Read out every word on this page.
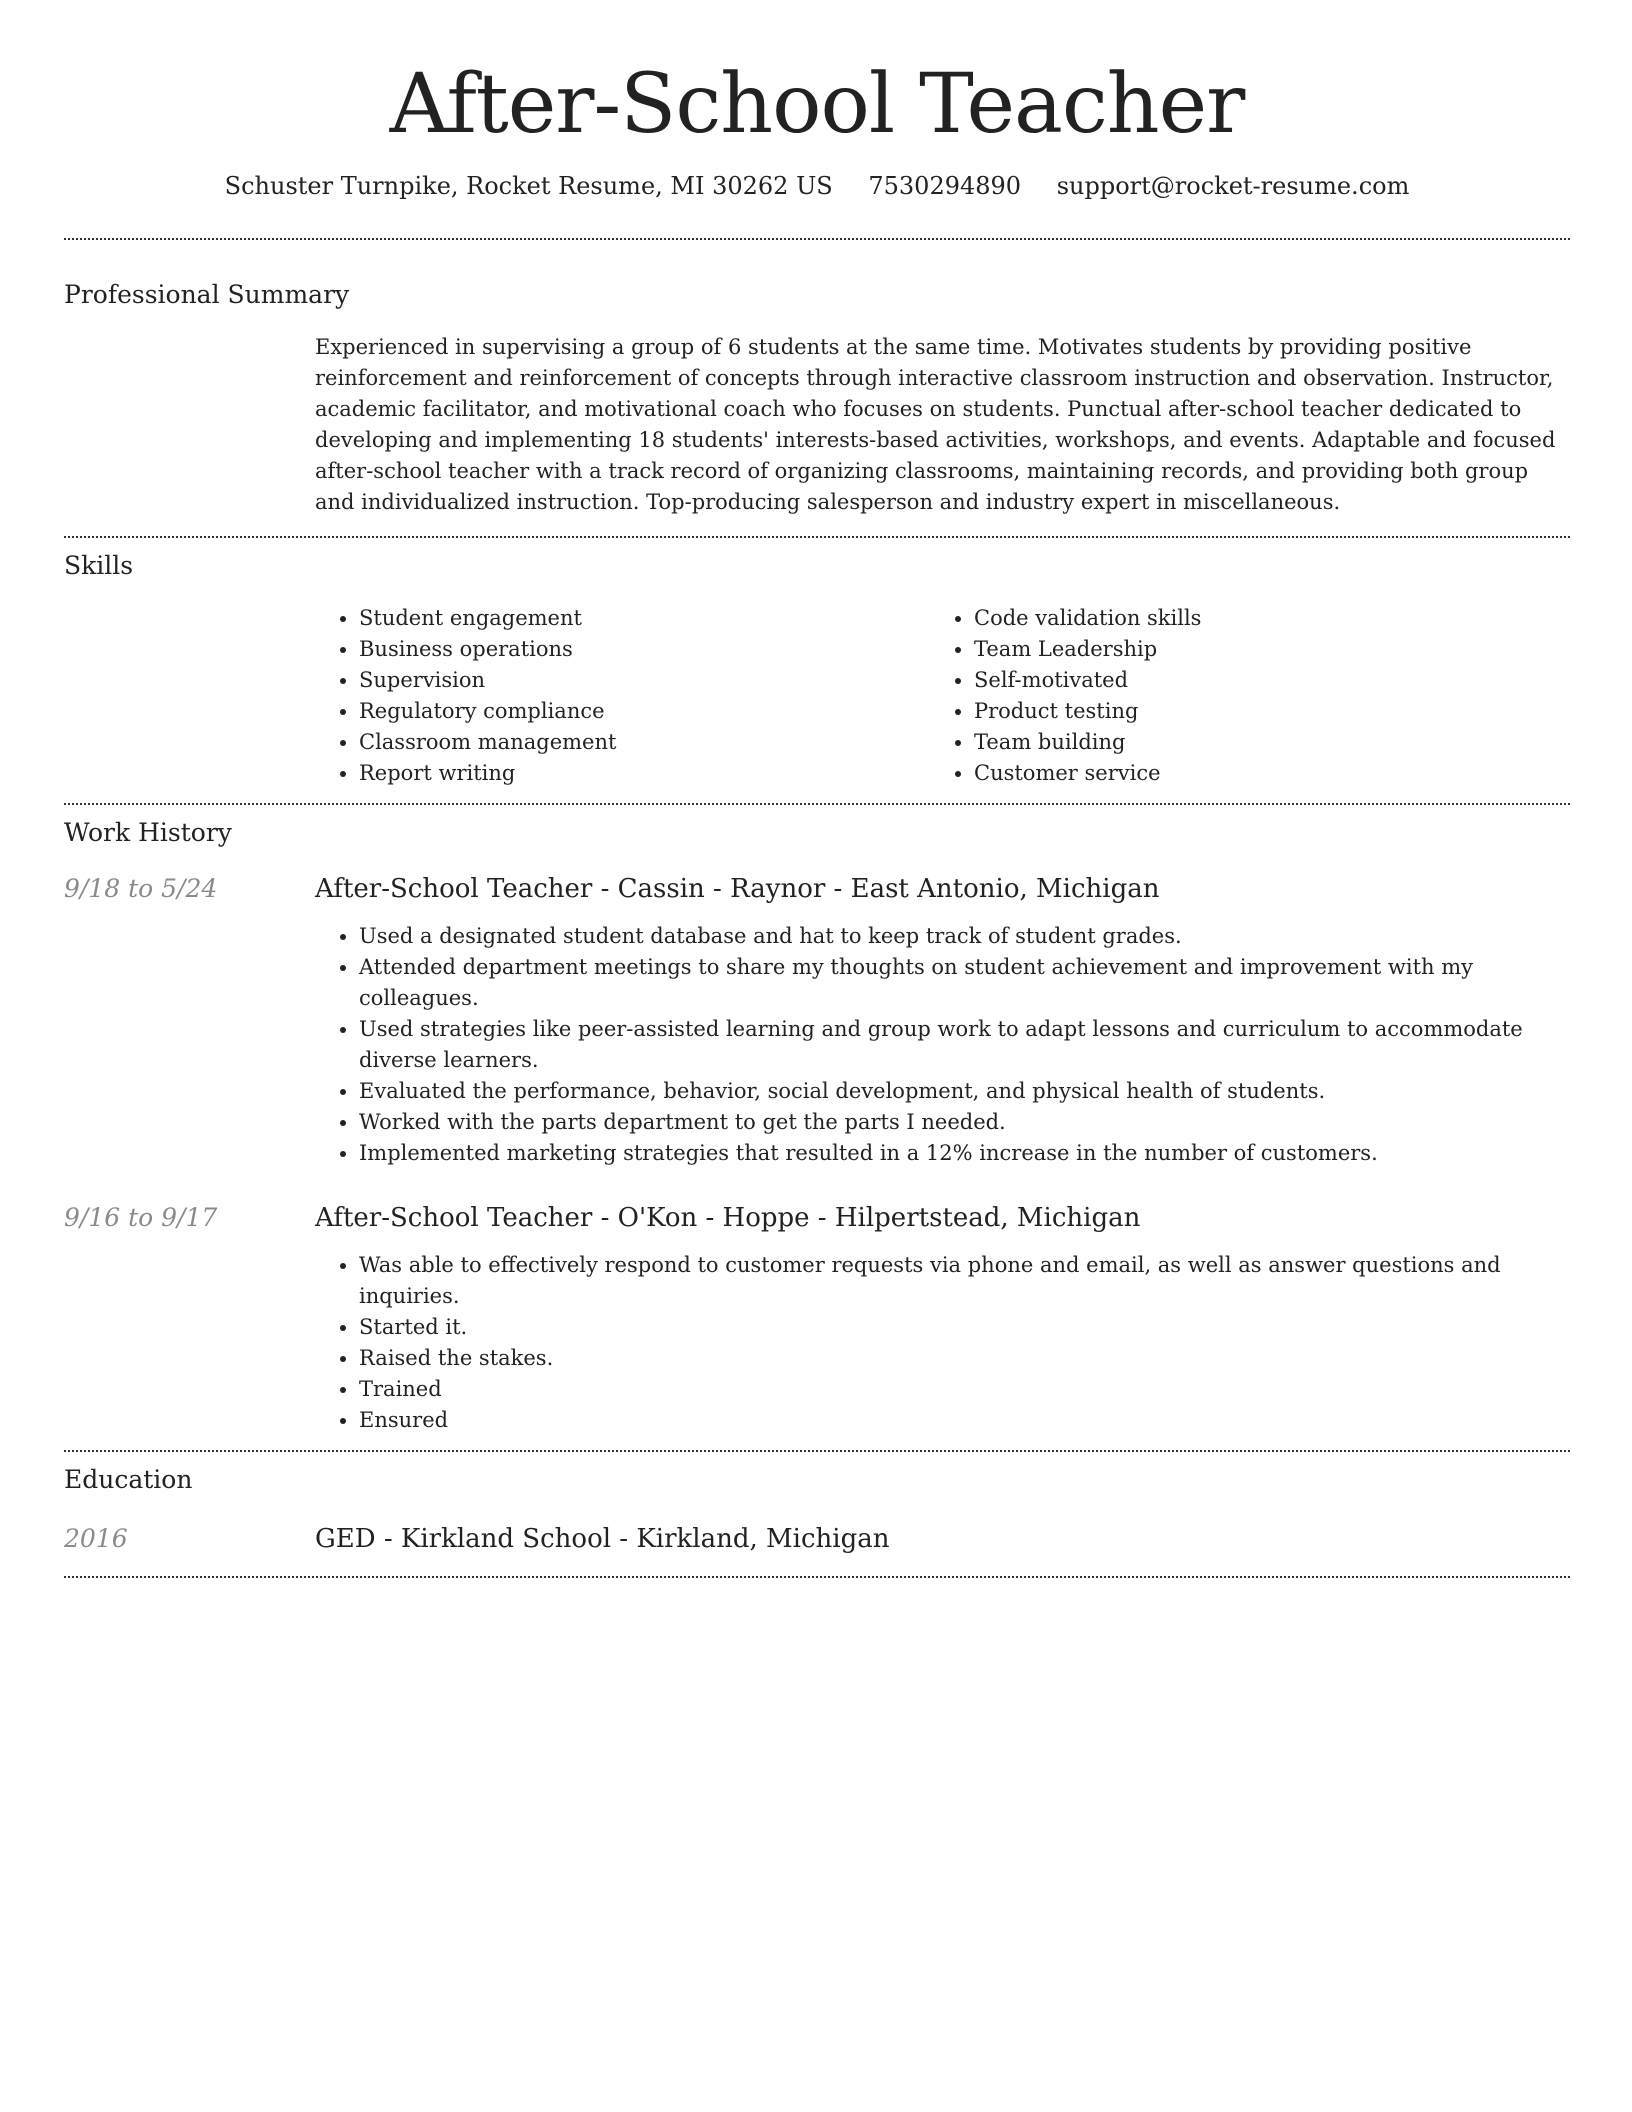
After-School Teacher
Schuster Turnpike, Rocket Resume, MI 30262 US 7530294890 support@rocket-resume.com
Professional Summary

Experienced in supervising a group of 6 students at the same time. Motivates students by providing positive reinforcement and reinforcement of concepts through interactive classroom instruction and observation. Instructor, academic facilitator, and motivational coach who focuses on students. Punctual after-school teacher dedicated to developing and implementing 18 students' interests-based activities, workshops, and events. Adaptable and focused after-school teacher with a track record of organizing classrooms, maintaining records, and providing both group and individualized instruction. Top-producing salesperson and industry expert in miscellaneous.

Skills
• Student engagement
• Business operations
• Supervision
• Regulatory compliance
• Classroom management
• Report writing
• Code validation skills
• Team Leadership
• Self-motivated
• Product testing
• Team building
• Customer service
Work History
9/18 to 5/24	After-School Teacher - Cassin - Raynor - East Antonio, Michigan
• Used a designated student database and hat to keep track of student grades.
• Attended department meetings to share my thoughts on student achievement and improvement with my colleagues.
• Used strategies like peer-assisted learning and group work to adapt lessons and curriculum to accommodate diverse learners.
• Evaluated the performance, behavior, social development, and physical health of students.
• Worked with the parts department to get the parts I needed.
• Implemented marketing strategies that resulted in a 12% increase in the number of customers.
9/16 to 9/17	After-School Teacher - O'Kon - Hoppe - Hilpertstead, Michigan
• Was able to effectively respond to customer requests via phone and email, as well as answer questions and inquiries.
• Started it.
• Raised the stakes.
• Trained
• Ensured
Education
2016	GED - Kirkland School - Kirkland, Michigan
